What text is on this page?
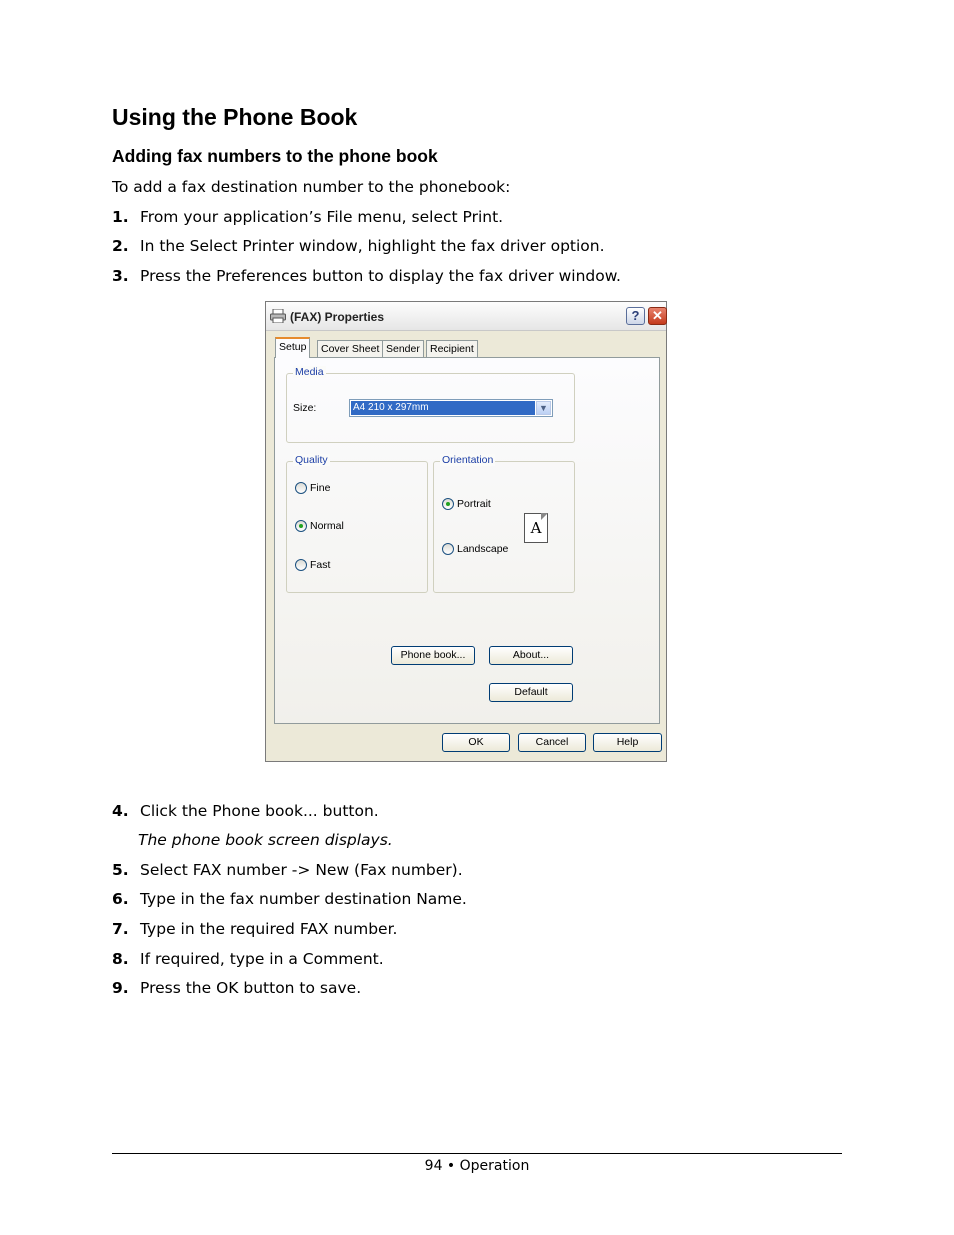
Using the Phone Book
Adding fax numbers to the phone book
To add a fax destination number to the phonebook:
1. From your application’s File menu, select Print.
2. In the Select Printer window, highlight the fax driver option.
3. Press the Preferences button to display the fax driver window.
(FAX) Properties	? ✕
Setup	Cover Sheet Sender Recipient
Media
Size:	A4 210 x 297mm	▼
Quality
Fine
Normal
Fast
Orientation
Portrait
Landscape
A
Phone book...	About...
Default
OK	Cancel	Help
4. Click the Phone book... button.
The phone book screen displays.
5. Select FAX number -> New (Fax number).
6. Type in the fax number destination Name.
7. Type in the required FAX number.
8. If required, type in a Comment.
9. Press the OK button to save.
94 • Operation
